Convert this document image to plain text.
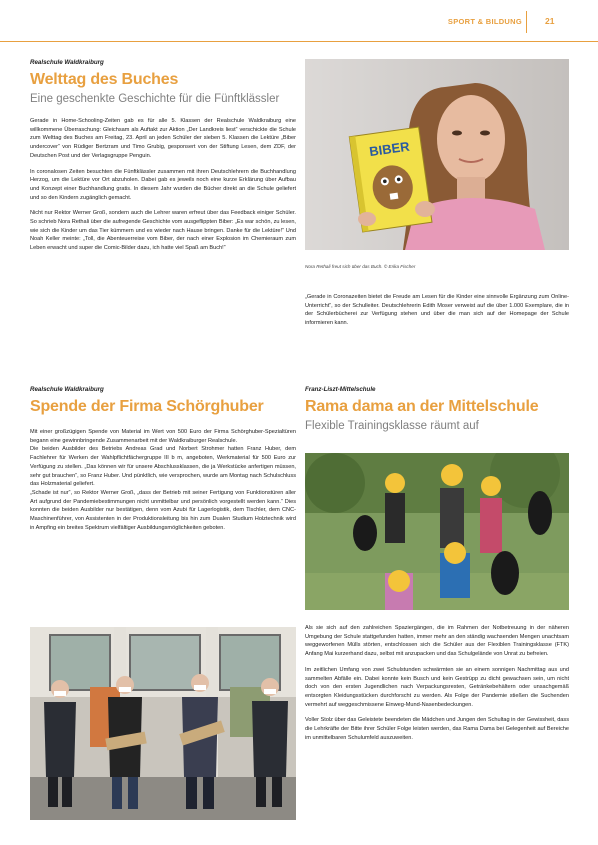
SPORT & BILDUNG	21
Realschule Waldkraiburg
Welttag des Buches
Eine geschenkte Geschichte für die Fünftklässler

Gerade in Home-Schooling-Zeiten gab es für alle 5. Klassen der Realschule Waldkraiburg eine willkommene Überraschung: Gleichsam als Auftakt zur Aktion „Der Landkreis liest“ verschickte die Schule zum Welttag des Buches am Freitag, 23. April an jeden Schüler der sieben 5. Klassen die Lektüre „Biber undercover“ von Rüdiger Bertzram und Timo Grubig, gesponsert von der Stiftung Lesen, dem ZDF, der Deutschen Post und der Verlagsgruppe Penguin.

In coronalosen Zeiten besuchten die Fünftklässler zusammen mit ihren Deutschlehrern die Buchhandlung Herzog, um die Lektüre vor Ort abzuholen. Dabei gab es jeweils noch eine kurze Erklärung über Aufbau und Konzept einer Buchhandlung gratis. In diesem Jahr wurden die Bücher direkt an die Schule geliefert und so den Kindern zugänglich gemacht.

Nicht nur Rektor Werner Groß, sondern auch die Lehrer waren erfreut über das Feedback einiger Schüler. So schrieb Nora Rethali über die aufregende Geschichte vom ausgeflippten Biber: „Es war schön, zu lesen, wie sich die Kinder um das Tier kümmern und es wieder nach Hause bringen. Danke für die Lektüre!“ Und Noah Keller meinte: „Toll, die Abenteuerreise vom Biber, der nach einer Explosion im Chemieraum zum Leben erwacht und super die Comic-Bilder dazu, ich hatte viel Spaß am Buch!“

BIBER
Nora Rethali freut sich über das Buch. © Erika Fischer

„Gerade in Coronazeiten bietet die Freude am Lesen für die Kinder eine sinnvolle Ergänzung zum Online-Unterricht“, so der Schulleiter. Deutschlehrerin Edith Moser verweist auf die über 1.000 Exemplare, die in der Schülerbücherei zur Verfügung stehen und über die man sich auf der Homepage der Schule informieren kann.

Realschule Waldkraiburg
Spende der Firma Schörghuber

Mit einer großzügigen Spende von Material im Wert von 500 Euro der Firma Schörghuber-Spezialtüren begann eine gewinnbringende Zusammenarbeit mit der Waldkraiburger Realschule.

Die beiden Ausbilder des Betriebs Andreas Grad und Norbert Strohmer hatten Franz Huber, dem Fachlehrer für Werken der Wahlpflichtfächergruppe III b m, angeboten, Werkmaterial für 500 Euro zur Verfügung zu stellen. „Das können wir für unsere Abschlussklassen, die ja Werkstücke anfertigen müssen, sehr gut brauchen“, so Franz Huber. Und pünktlich, wie versprochen, wurde am Montag nach Schulschluss das Holzmaterial geliefert.

„Schade ist nur“, so Rektor Werner Groß, „dass der Betrieb mit seiner Fertigung von Funktionstüren aller Art aufgrund der Pandemiebestimmungen nicht unmittelbar und persönlich vorgestellt werden kann.“ Dies konnten die beiden Ausbilder nur bestätigen, denn vom Azubi für Lagerlogistik, dem Tischler, dem CNC- Maschinenführer, von Assistenten in der Produktionsleitung bis hin zum Dualen Studium Holztechnik wird in Ampfing ein breites Spektrum vielfältiger Ausbildungsmöglichkeiten geboten.

Franz-Liszt-Mittelschule
Rama dama an der Mittelschule
Flexible Trainingsklasse räumt auf

Als sie sich auf den zahlreichen Spaziergängen, die im Rahmen der Notbetreuung in der näheren Umgebung der Schule stattgefunden hatten, immer mehr an den ständig wachsenden Mengen unachtsam weggeworfenen Mülls störten, entschlossen sich die Schüler aus der Flexiblen Trainingsklasse (FTK) Anfang Mai kurzerhand dazu, selbst mit anzupacken und das Schulgelände von Unrat zu befreien.

Im zeitlichen Umfang von zwei Schulstunden schwärmten sie an einem sonnigen Nachmittag aus und sammelten Abfälle ein. Dabei konnte kein Busch und kein Gestrüpp zu dicht gewachsen sein, um nicht doch von den ersten Jugendlichen nach Verpackungsresten, Getränkebehältern oder unsachgemäß entsorgten Kleidungsstücken durchforscht zu werden. Als Folge der Pandemie stießen die Suchenden vermehrt auf weggeschmissene Einweg-Mund-Nasenbedeckungen.

Voller Stolz über das Geleistete beendeten die Mädchen und Jungen den Schultag in der Gewissheit, dass die Lehrkräfte der Bitte ihrer Schüler Folge leisten werden, das Rama Dama bei Gelegenheit auf Bereiche im unmittelbaren Schulumfeld auszuweiten.
